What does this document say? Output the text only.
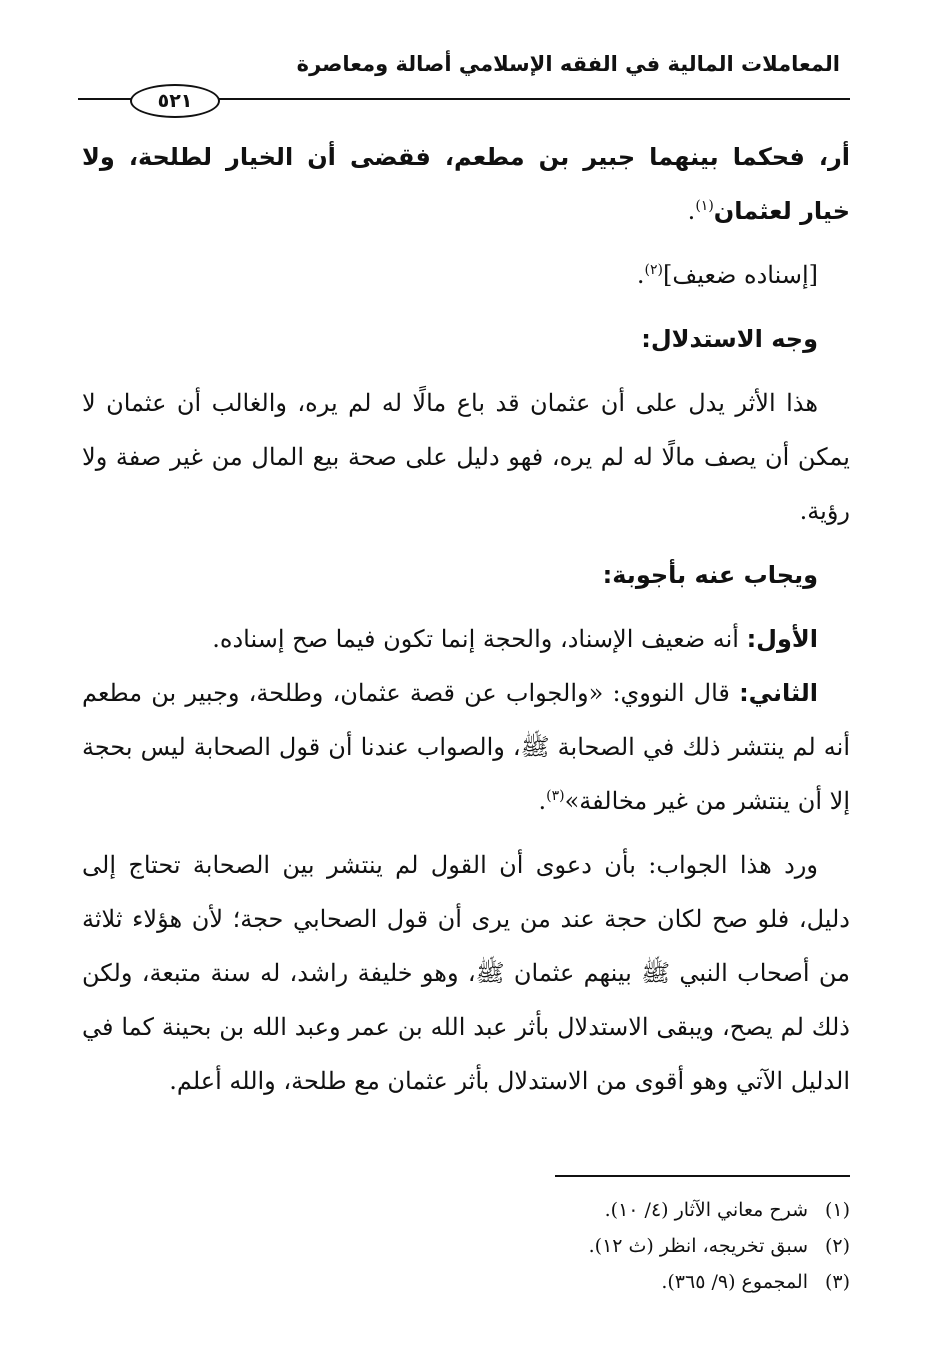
المعاملات المالية في الفقه الإسلامي أصالة ومعاصرة
٥٢١

أر، فحكما بينهما جبير بن مطعم، فقضى أن الخيار لطلحة، ولا خيار لعثمان$^{(١)}$.

[إسناده ضعيف]$^{(٢)}$.

وجه الاستدلال:

هذا الأثر يدل على أن عثمان قد باع مالًا له لم يره، والغالب أن عثمان لا يمكن أن يصف مالًا له لم يره، فهو دليل على صحة بيع المال من غير صفة ولا رؤية.

ويجاب عنه بأجوبة:

الأول: أنه ضعيف الإسناد، والحجة إنما تكون فيما صح إسناده.

الثاني: قال النووي: «والجواب عن قصة عثمان، وطلحة، وجبير بن مطعم أنه لم ينتشر ذلك في الصحابة ﷺ، والصواب عندنا أن قول الصحابة ليس بحجة إلا أن ينتشر من غير مخالفة»$^{(٣)}$.

ورد هذا الجواب: بأن دعوى أن القول لم ينتشر بين الصحابة تحتاج إلى دليل، فلو صح لكان حجة عند من يرى أن قول الصحابي حجة؛ لأن هؤلاء ثلاثة من أصحاب النبي ﷺ بينهم عثمان ﷺ، وهو خليفة راشد، له سنة متبعة، ولكن ذلك لم يصح، ويبقى الاستدلال بأثر عبد الله بن عمر وعبد الله بن بحينة كما في الدليل الآتي وهو أقوى من الاستدلال بأثر عثمان مع طلحة، والله أعلم.

(١)شرح معاني الآثار (٤/ ١٠).

(٢)سبق تخريجه، انظر (ث ١٢).

(٣)المجموع (٩/ ٣٦٥).
